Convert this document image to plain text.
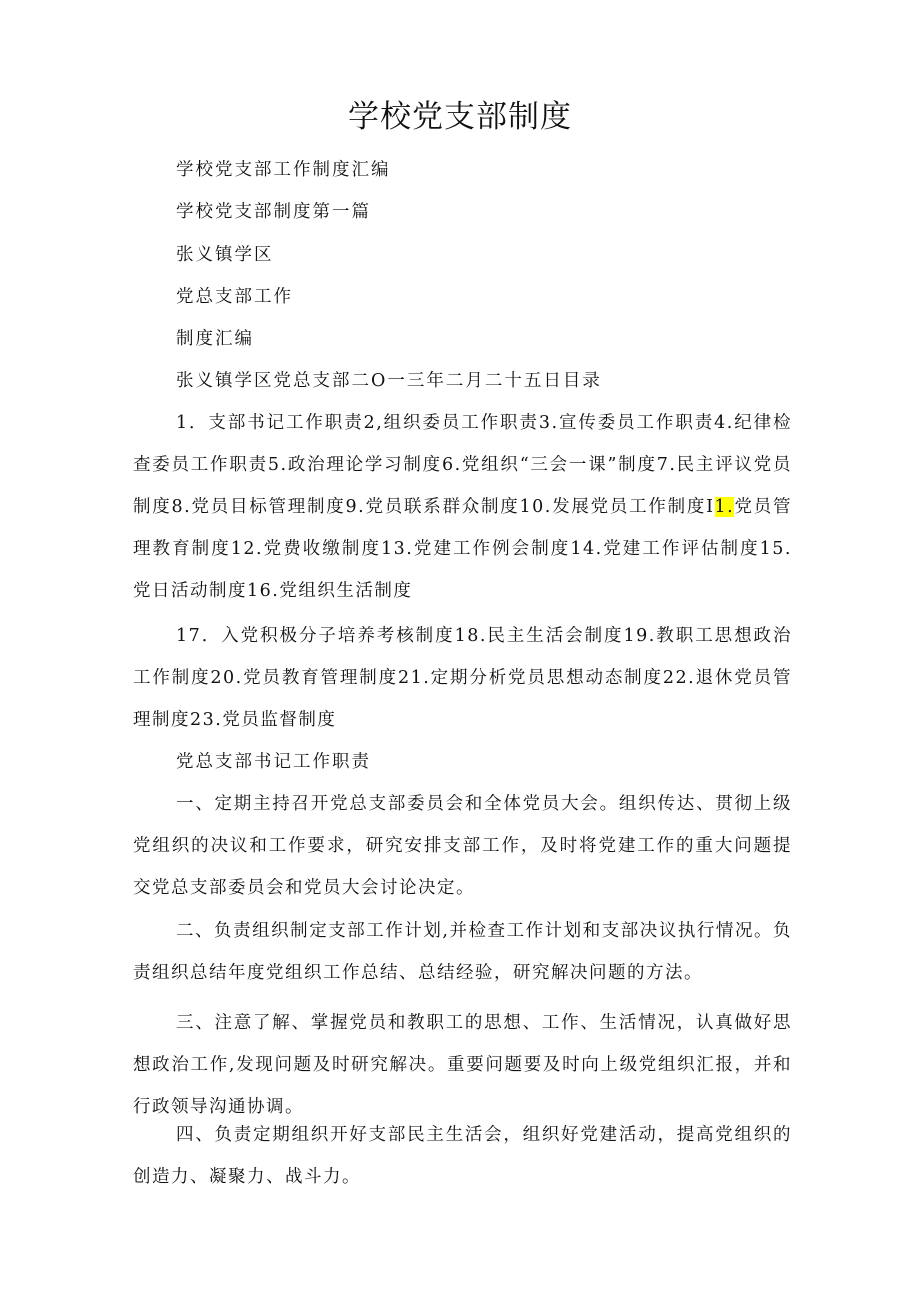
学校党支部制度
学校党支部工作制度汇编
学校党支部制度第一篇
张义镇学区
党总支部工作
制度汇编
张义镇学区党总支部二O一三年二月二十五日目录
1．支部书记工作职责2,组织委员工作职责3.宣传委员工作职责4.纪律检查委员工作职责5.政治理论学习制度6.党组织“三会一课”制度7.民主评议党员制度8.党员目标管理制度9.党员联系群众制度10.发展党员工作制度I1.党员管理教育制度12.党费收缴制度13.党建工作例会制度14.党建工作评估制度15.党日活动制度16.党组织生活制度
17．入党积极分子培养考核制度18.民主生活会制度19.教职工思想政治工作制度20.党员教育管理制度21.定期分析党员思想动态制度22.退休党员管理制度23.党员监督制度
党总支部书记工作职责
一、定期主持召开党总支部委员会和全体党员大会。组织传达、贯彻上级党组织的决议和工作要求，研究安排支部工作，及时将党建工作的重大问题提交党总支部委员会和党员大会讨论决定。
二、负责组织制定支部工作计划,并检查工作计划和支部决议执行情况。负责组织总结年度党组织工作总结、总结经验，研究解决问题的方法。
三、注意了解、掌握党员和教职工的思想、工作、生活情况，认真做好思想政治工作,发现问题及时研究解决。重要问题要及时向上级党组织汇报，并和行政领导沟通协调。
四、负责定期组织开好支部民主生活会，组织好党建活动，提高党组织的创造力、凝聚力、战斗力。
